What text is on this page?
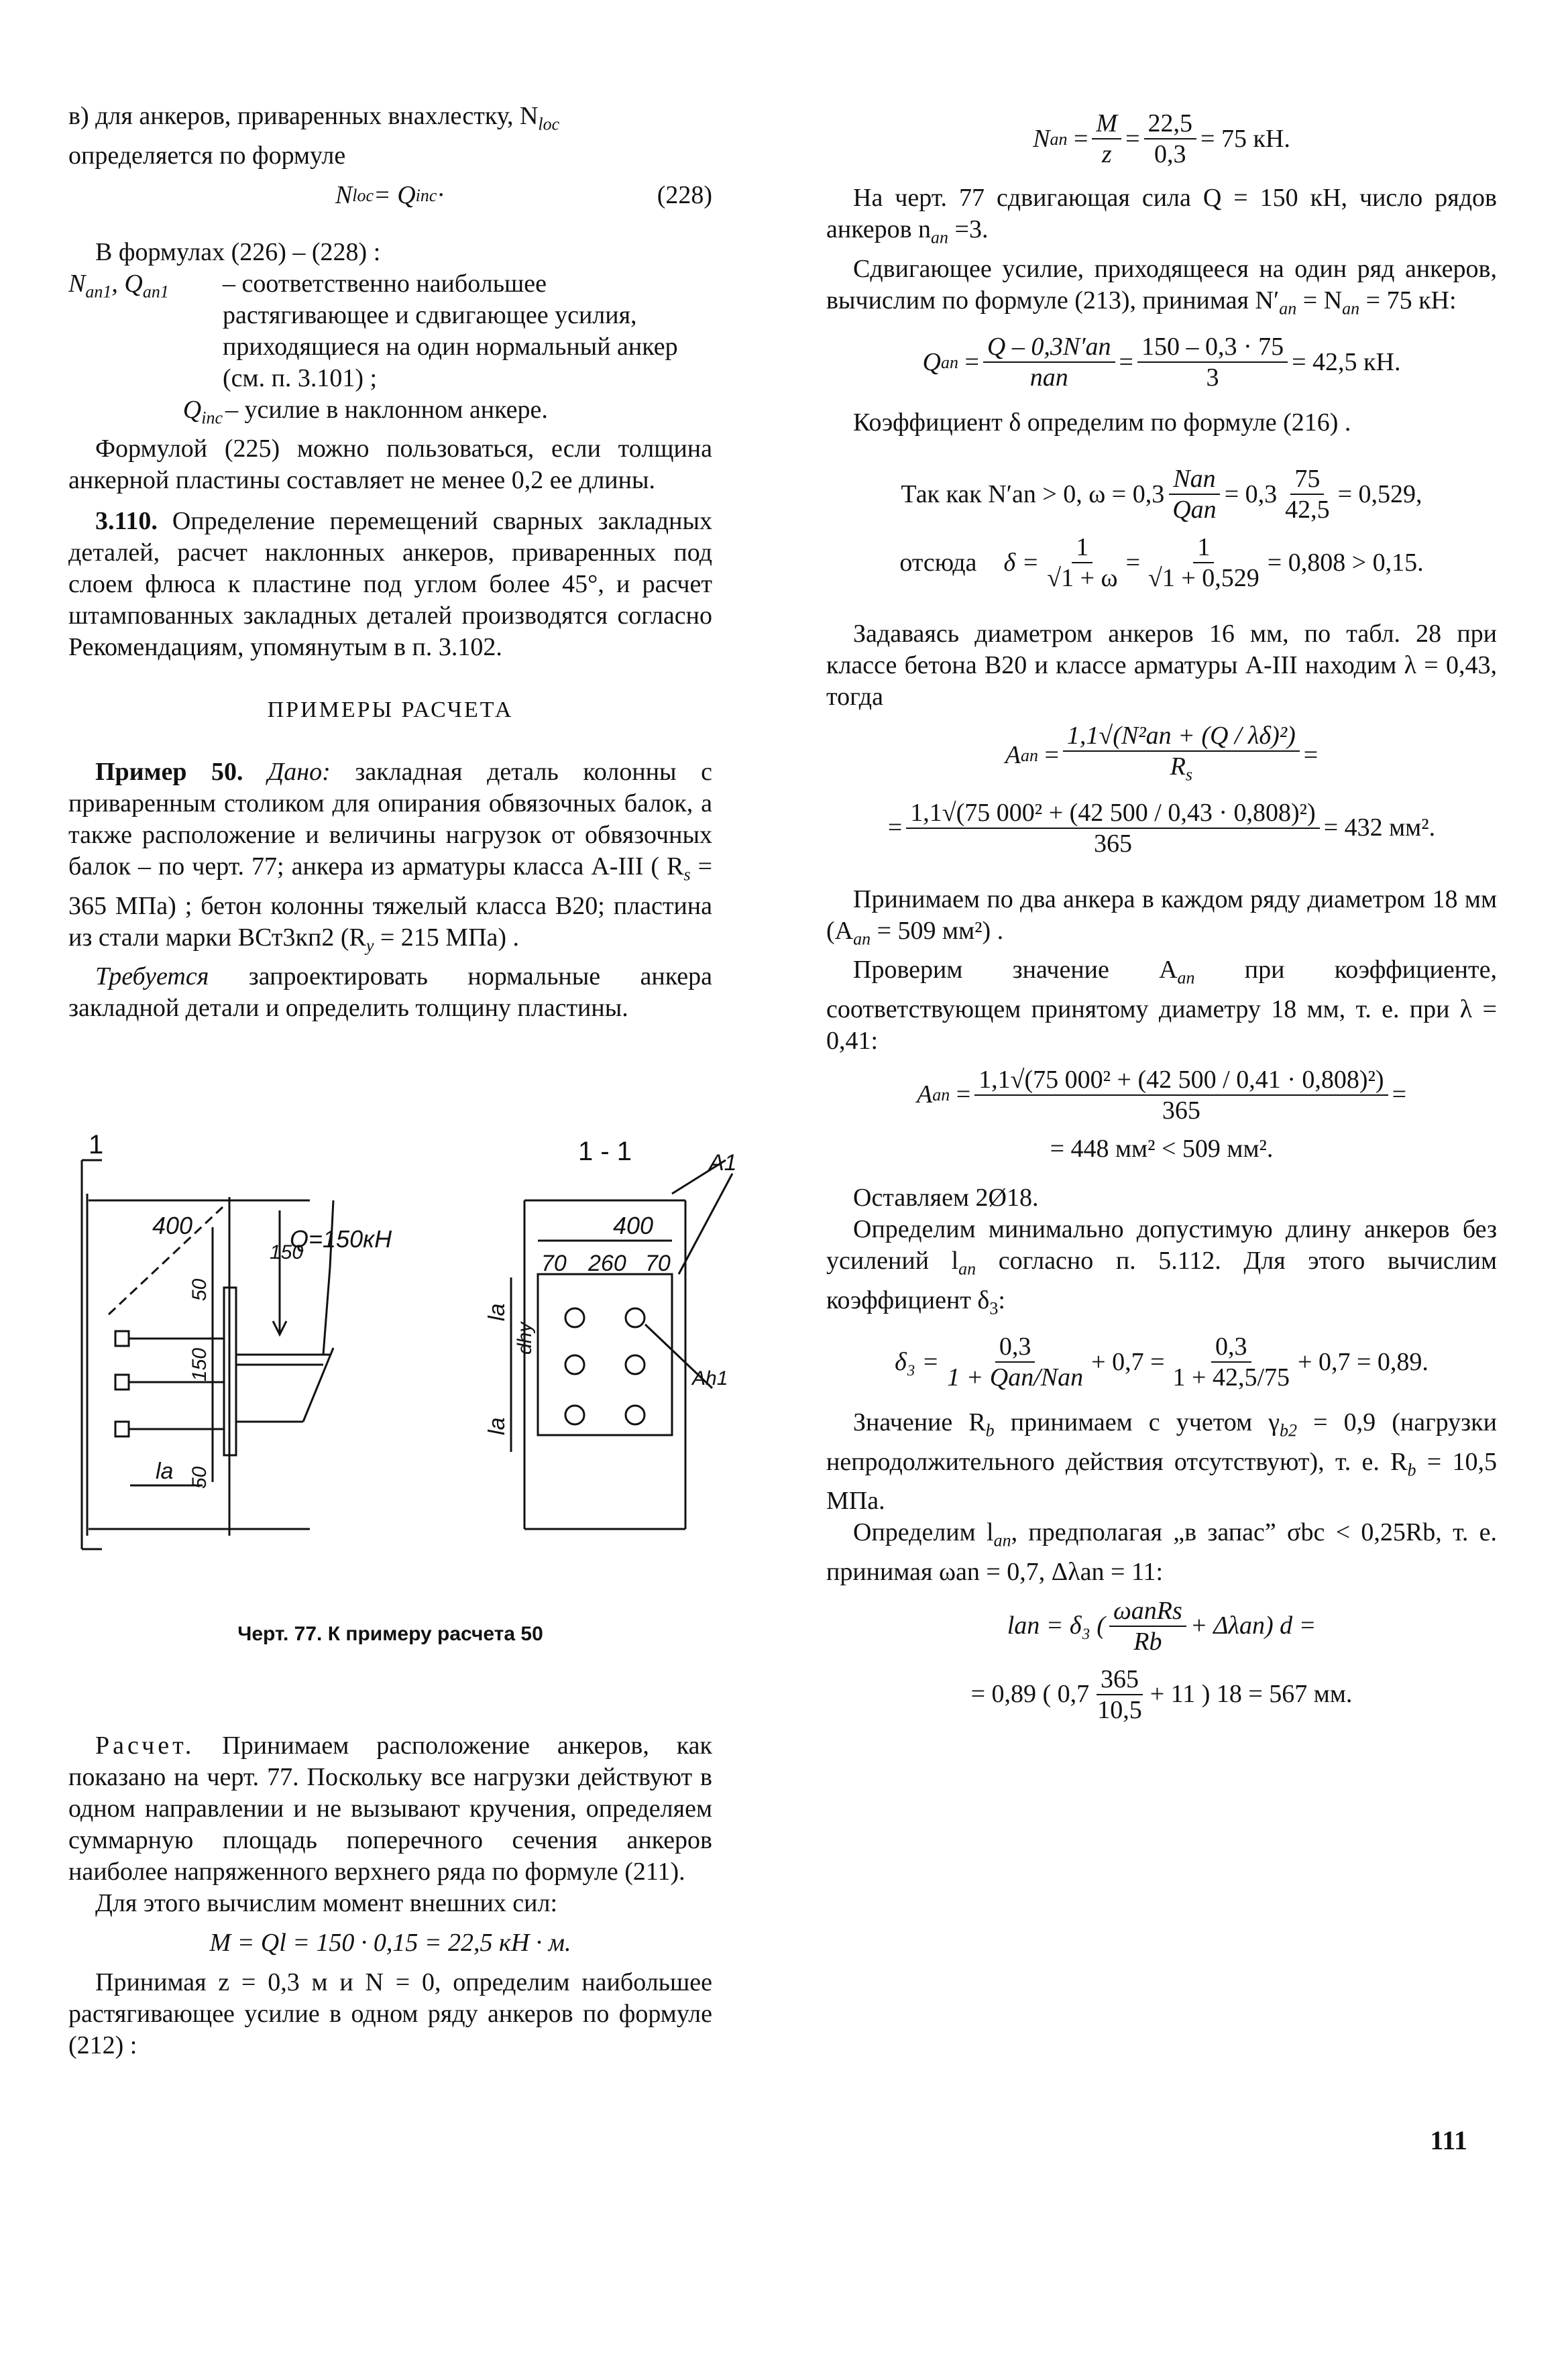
в) для анкеров, приваренных внахлестку, $N_{loc}$

определяется по формуле

N loc = Q inc ·	(228)

В формулах (226) – (228) :

$N_{an1}$, $Q_{an1}$	– соответственно наибольшее растягивающее и сдвигающее усилия, приходящиеся на один нормальный анкер (см. п. 3.101) ;
$Q_{inc}$ – усилие в наклонном анкере.

Формулой (225) можно пользоваться, если толщина анкерной пластины составляет не менее 0,2 ее длины.

3.110. Определение перемещений сварных закладных деталей, расчет наклонных анкеров, приваренных под слоем флюса к пластине под углом более 45°, и расчет штампованных закладных деталей производятся согласно Рекомендациям, упомянутым в п. 3.102.

ПРИМЕРЫ РАСЧЕТА

Пример 50. Дано: закладная деталь колонны с приваренным столиком для опирания обвязочных балок, а также расположение и величины нагрузок от обвязочных балок – по черт. 77; анкера из арматуры класса А-III ( $R_s = 365$ МПа) ; бетон колонны тяжелый класса В20; пластина из стали марки ВСт3кп2 ($R_y = 215$ МПа) .

Требуется запроектировать нормальные анкера закладной детали и определить толщину пластины.

400	400
150
Q=150кН
50
150
50
la
la
la
dhy
70 260 70
A1
Ah1
1	1 - 1
Черт. 77. К примеру расчета 50

Расчет. Принимаем расположение анкеров, как показано на черт. 77. Поскольку все нагрузки действуют в одном направлении и не вызывают кручения, определяем суммарную площадь поперечного сечения анкеров наиболее напряженного верхнего ряда по формуле (211).

Для этого вычислим момент внешних сил:

M = Ql = 150 · 0,15 = 22,5 кН · м.

Принимая z = 0,3 м и N = 0, определим наибольшее растягивающее усилие в одном ряду анкеров по формуле (212) :

N an = $\frac{M}{z} = \frac{22,5}{0,3} = 75$ кН.

На черт. 77 сдвигающая сила Q = 150 кН, число рядов анкеров $n_{an} =3$.

Сдвигающее усилие, приходящееся на один ряд анкеров, вычислим по формуле (213), принимая $N'_{an} = N_{an} = 75$ кН:

Q an = $\frac{Q - 0,3N'an}{\text{nan}} = \frac{150 - 0,3 \cdot 75}{3} = 42,5$ кН.

Коэффициент δ определим по формуле (216) .

Так как N′an > 0, $\omega = 0,3 \frac{\text{Nan}}{\text{Qan}} = 0,3 \frac{75}{42,5} = 0,529$,
отсюда $\delta = \frac{1}{√1 + \omega} = \frac{1}{√1 + 0,529} = 0,808 > 0,15$.

Задаваясь диаметром анкеров 16 мм, по табл. 28 при классе бетона В20 и классе арматуры А-III находим λ = 0,43, тогда

A an = $\frac{\text{1,1√(N²an + (Q / λδ)²)}}{R_s}$ =
= $\frac{\text{1,1√(75 000² + (42 500 / 0,43 · 0,808)²)}}{365} = 432$ мм².

Принимаем по два анкера в каждом ряду диаметром 18 мм ($A_{an} = 509$ мм²) .

Проверим значение $A_{an}$ при коэффициенте, соответствующем принятому диаметру 18 мм, т. е. при λ = 0,41:

A an = $\frac{\text{1,1√(75 000² + (42 500 / 0,41 · 0,808)²)}}{365}$ =

= 448 мм² < 509 мм².

Оставляем 2Ø18.

Определим минимально допустимую длину анкеров без усилений $l_{an}$ согласно п. 5.112. Для этого вычислим коэффициент $\delta_3$:

$\delta_3 = \frac{0,3}{\text{1 + Qan/Nan}} + 0,7 = \frac{0,3}{1 + 42,5/75} + 0,7 = 0,89$.

Значение $R_b$ принимаем с учетом $\gamma_{b2} = 0,9$ (нагрузки непродолжительного действия отсутствуют), т. е. $R_b = 10,5$ МПа.

Определим $l_{an}$, предполагая „в запас” σbc < 0,25Rb, т. е. принимая ωan = 0,7, Δλan = 11:

lan = δ₃ ( $\frac{\text{ωanRs}}{Rb} + \Delta\lambda an$) d =
= 0,89 ( $0,7 \frac{365}{10,5} + 11$ ) 18 = 567 мм.
111
